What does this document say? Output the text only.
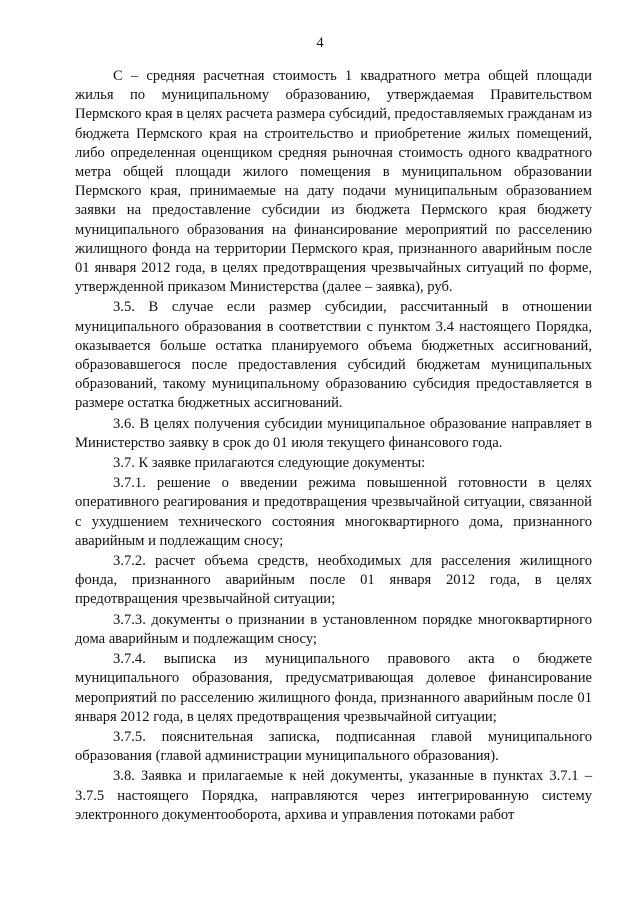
4

С – средняя расчетная стоимость 1 квадратного метра общей площади жилья по муниципальному образованию, утверждаемая Правительством Пермского края в целях расчета размера субсидий, предоставляемых гражданам из бюджета Пермского края на строительство и приобретение жилых помещений, либо определенная оценщиком средняя рыночная стоимость одного квадратного метра общей площади жилого помещения в муниципальном образовании Пермского края, принимаемые на дату подачи муниципальным образованием заявки на предоставление субсидии из бюджета Пермского края бюджету муниципального образования на финансирование мероприятий по расселению жилищного фонда на территории Пермского края, признанного аварийным после 01 января 2012 года, в целях предотвращения чрезвычайных ситуаций по форме, утвержденной приказом Министерства (далее – заявка), руб.

3.5. В случае если размер субсидии, рассчитанный в отношении муниципального образования в соответствии с пунктом 3.4 настоящего Порядка, оказывается больше остатка планируемого объема бюджетных ассигнований, образовавшегося после предоставления субсидий бюджетам муниципальных образований, такому муниципальному образованию субсидия предоставляется в размере остатка бюджетных ассигнований.

3.6. В целях получения субсидии муниципальное образование направляет в Министерство заявку в срок до 01 июля текущего финансового года.

3.7. К заявке прилагаются следующие документы:

3.7.1. решение о введении режима повышенной готовности в целях оперативного реагирования и предотвращения чрезвычайной ситуации, связанной с ухудшением технического состояния многоквартирного дома, признанного аварийным и подлежащим сносу;

3.7.2. расчет объема средств, необходимых для расселения жилищного фонда, признанного аварийным после 01 января 2012 года, в целях предотвращения чрезвычайной ситуации;

3.7.3. документы о признании в установленном порядке многоквартирного дома аварийным и подлежащим сносу;

3.7.4. выписка из муниципального правового акта о бюджете муниципального образования, предусматривающая долевое финансирование мероприятий по расселению жилищного фонда, признанного аварийным после 01 января 2012 года, в целях предотвращения чрезвычайной ситуации;

3.7.5. пояснительная записка, подписанная главой муниципального образования (главой администрации муниципального образования).

3.8. Заявка и прилагаемые к ней документы, указанные в пунктах 3.7.1 – 3.7.5 настоящего Порядка, направляются через интегрированную систему электронного документооборота, архива и управления потоками работ
